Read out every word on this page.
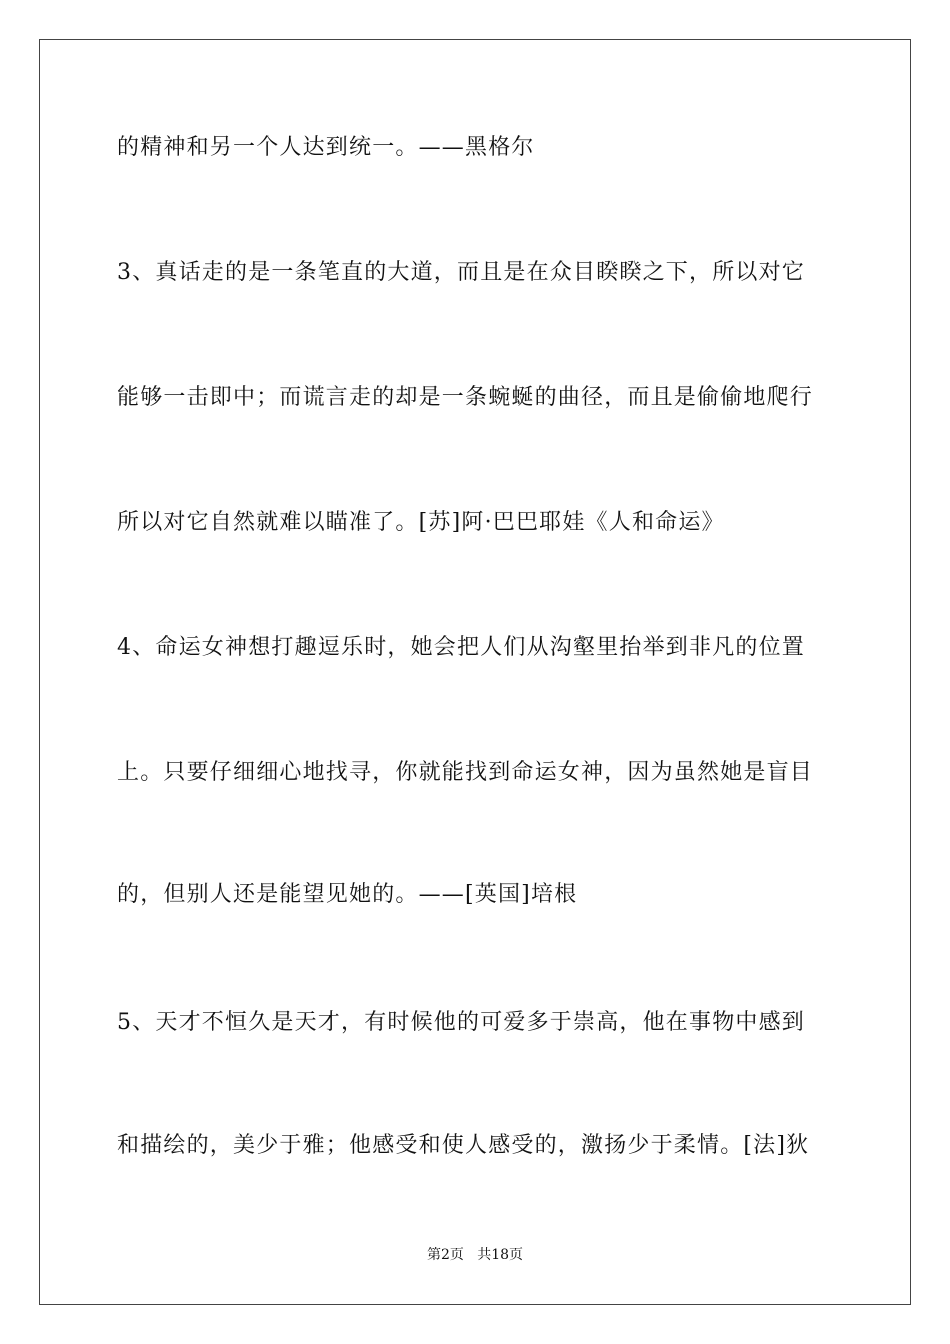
的精神和另一个人达到统一。——黑格尔
3、真话走的是一条笔直的大道，而且是在众目睽睽之下，所以对它
能够一击即中；而谎言走的却是一条蜿蜒的曲径，而且是偷偷地爬行
所以对它自然就难以瞄准了。[苏]阿·巴巴耶娃《人和命运》
4、命运女神想打趣逗乐时，她会把人们从沟壑里抬举到非凡的位置
上。只要仔细细心地找寻，你就能找到命运女神，因为虽然她是盲目
的，但别人还是能望见她的。——[英国]培根
5、天才不恒久是天才，有时候他的可爱多于崇高，他在事物中感到
和描绘的，美少于雅；他感受和使人感受的，激扬少于柔情。[法]狄
第2页   共18页
